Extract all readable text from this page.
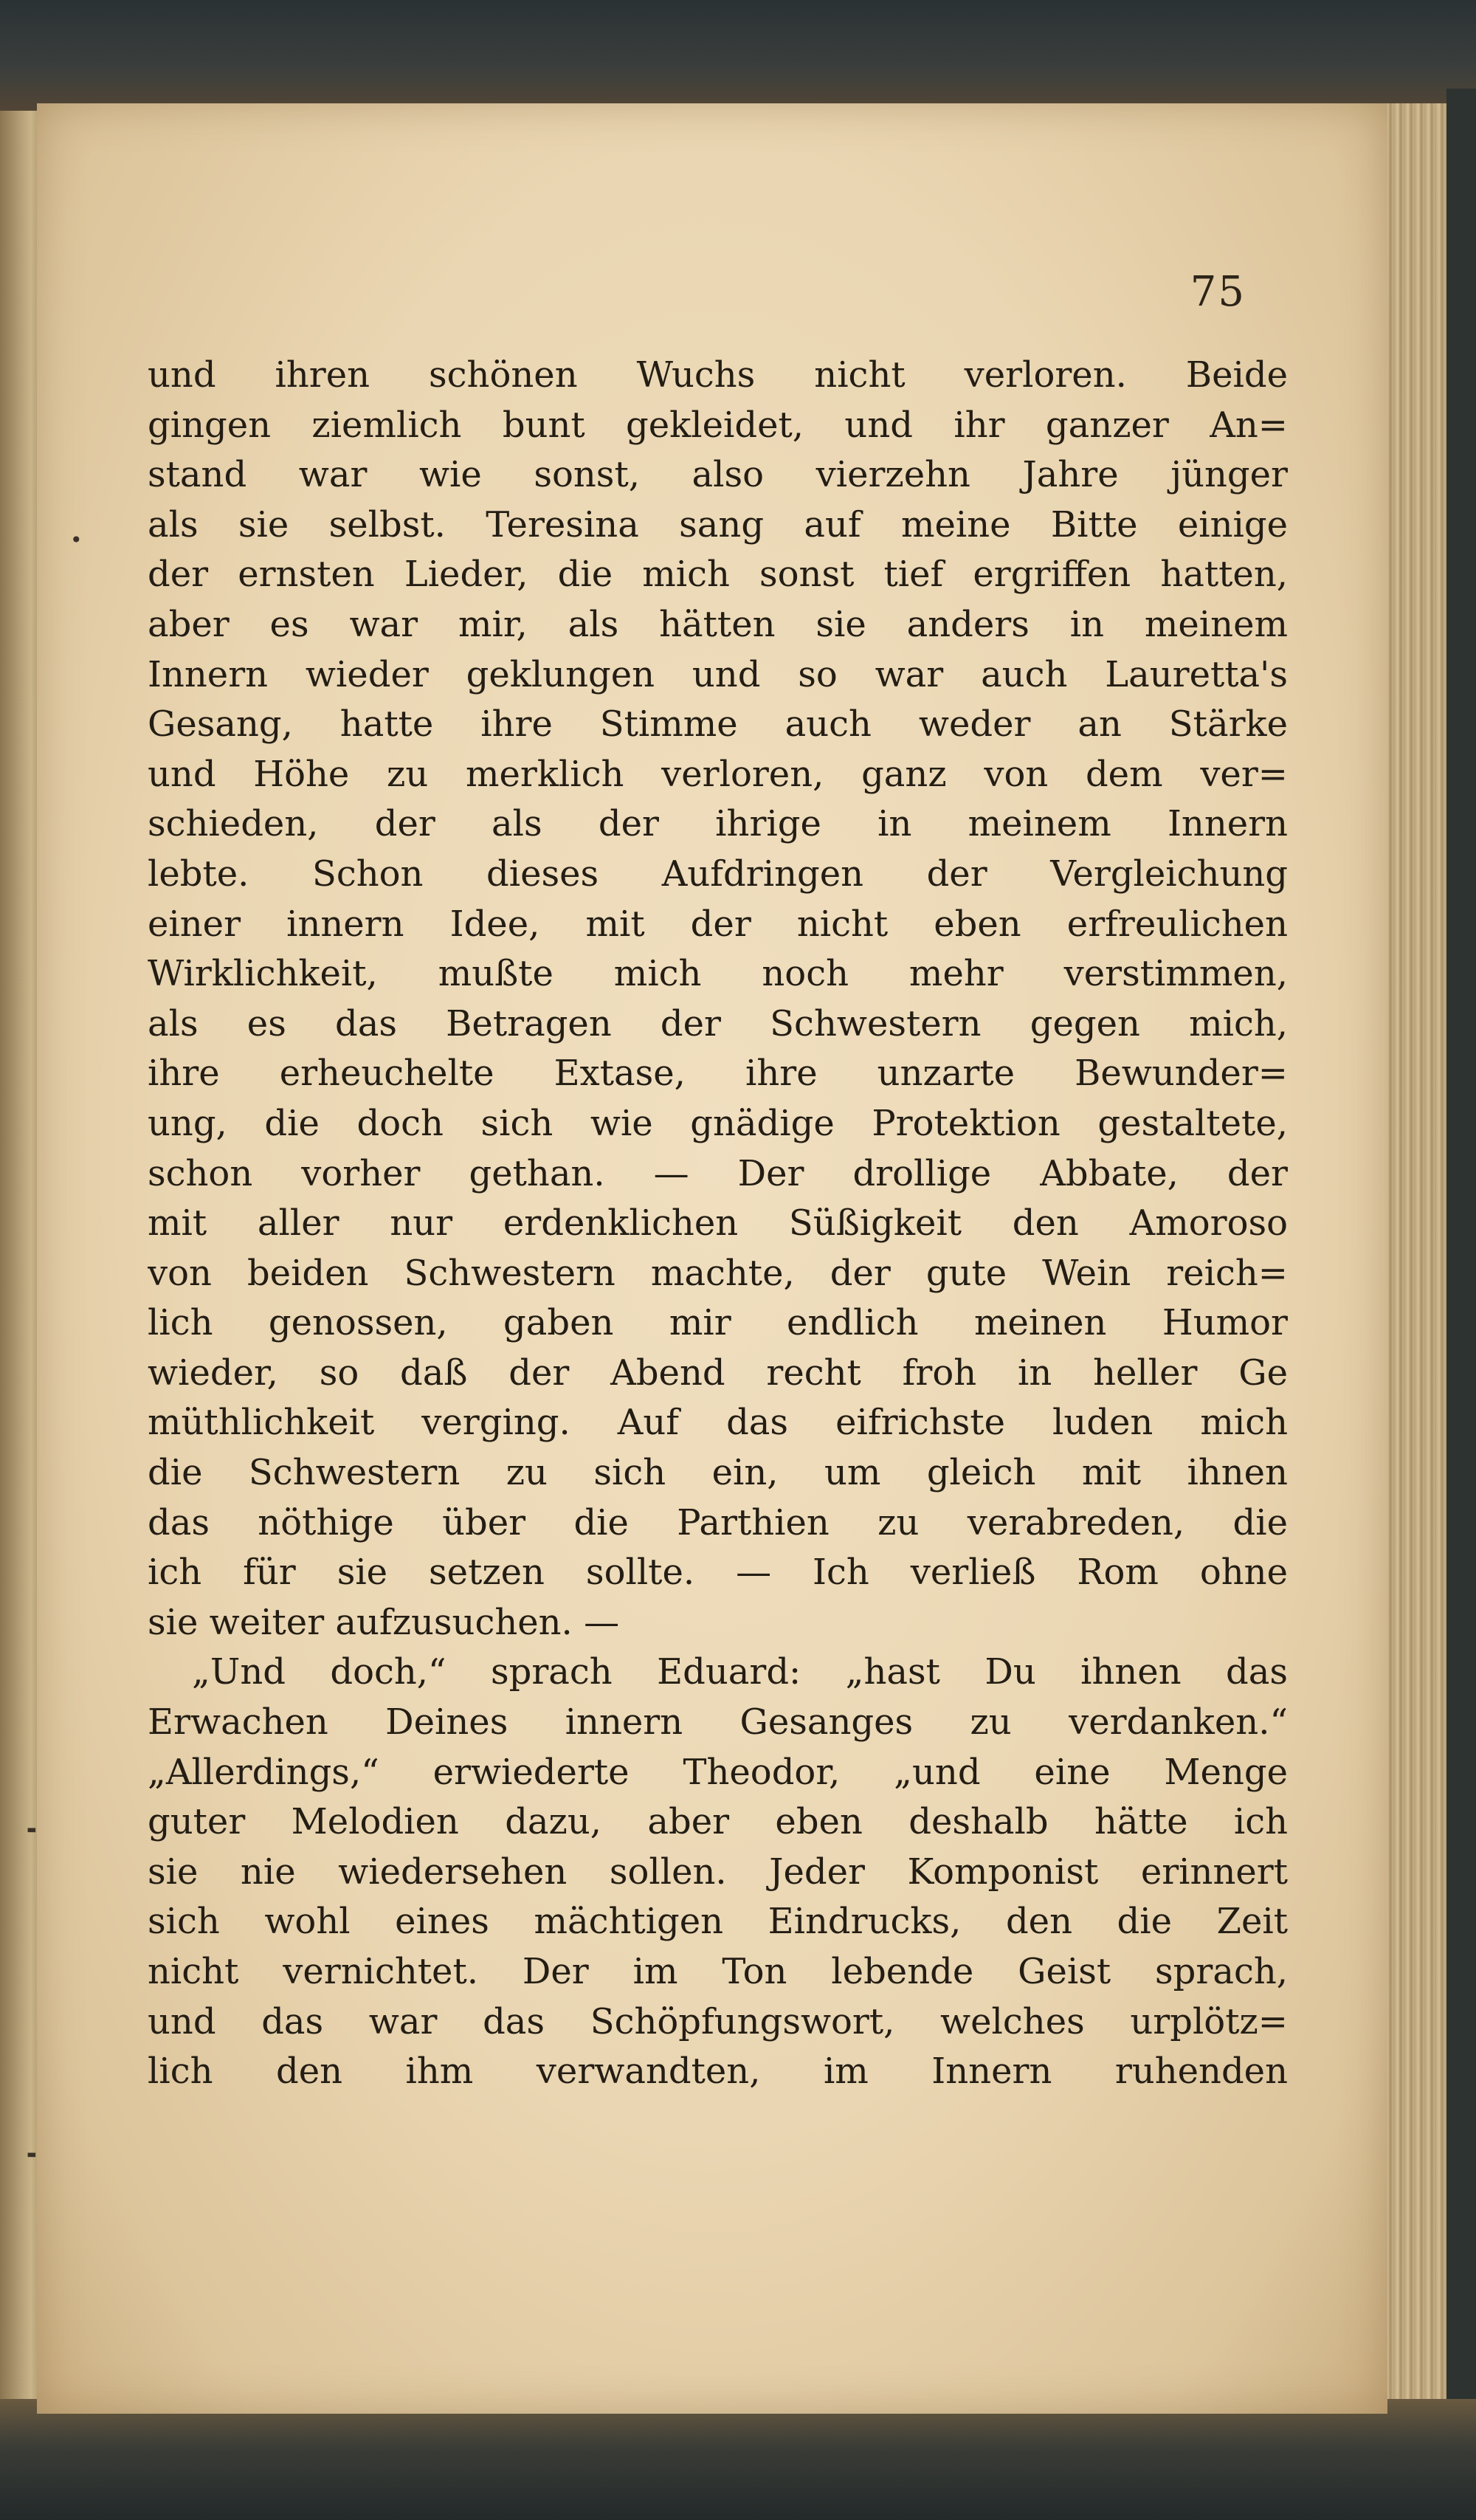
75
und ihren schönen Wuchs nicht verloren. Beide
gingen ziemlich bunt gekleidet, und ihr ganzer An=
stand war wie sonst, also vierzehn Jahre jünger
als sie selbst. Teresina sang auf meine Bitte einige
der ernsten Lieder, die mich sonst tief ergriffen hatten,
aber es war mir, als hätten sie anders in meinem
Innern wieder geklungen und so war auch Lauretta's
Gesang, hatte ihre Stimme auch weder an Stärke
und Höhe zu merklich verloren, ganz von dem ver=
schieden, der als der ihrige in meinem Innern
lebte. Schon dieses Aufdringen der Vergleichung
einer innern Idee, mit der nicht eben erfreulichen
Wirklichkeit, mußte mich noch mehr verstimmen,
als es das Betragen der Schwestern gegen mich,
ihre erheuchelte Extase, ihre unzarte Bewunder=
ung, die doch sich wie gnädige Protektion gestaltete,
schon vorher gethan. — Der drollige Abbate, der
mit aller nur erdenklichen Süßigkeit den Amoroso
von beiden Schwestern machte, der gute Wein reich=
lich genossen, gaben mir endlich meinen Humor
wieder, so daß der Abend recht froh in heller Ge
müthlichkeit verging. Auf das eifrichste luden mich
die Schwestern zu sich ein, um gleich mit ihnen
das nöthige über die Parthien zu verabreden, die
ich für sie setzen sollte. — Ich verließ Rom ohne
sie weiter aufzusuchen. —
„Und doch,“ sprach Eduard: „hast Du ihnen das
Erwachen Deines innern Gesanges zu verdanken.“
„Allerdings,“ erwiederte Theodor, „und eine Menge
guter Melodien dazu, aber eben deshalb hätte ich
sie nie wiedersehen sollen. Jeder Komponist erinnert
sich wohl eines mächtigen Eindrucks, den die Zeit
nicht vernichtet. Der im Ton lebende Geist sprach,
und das war das Schöpfungswort, welches urplötz=
lich den ihm verwandten, im Innern ruhenden
•
╸
╸
